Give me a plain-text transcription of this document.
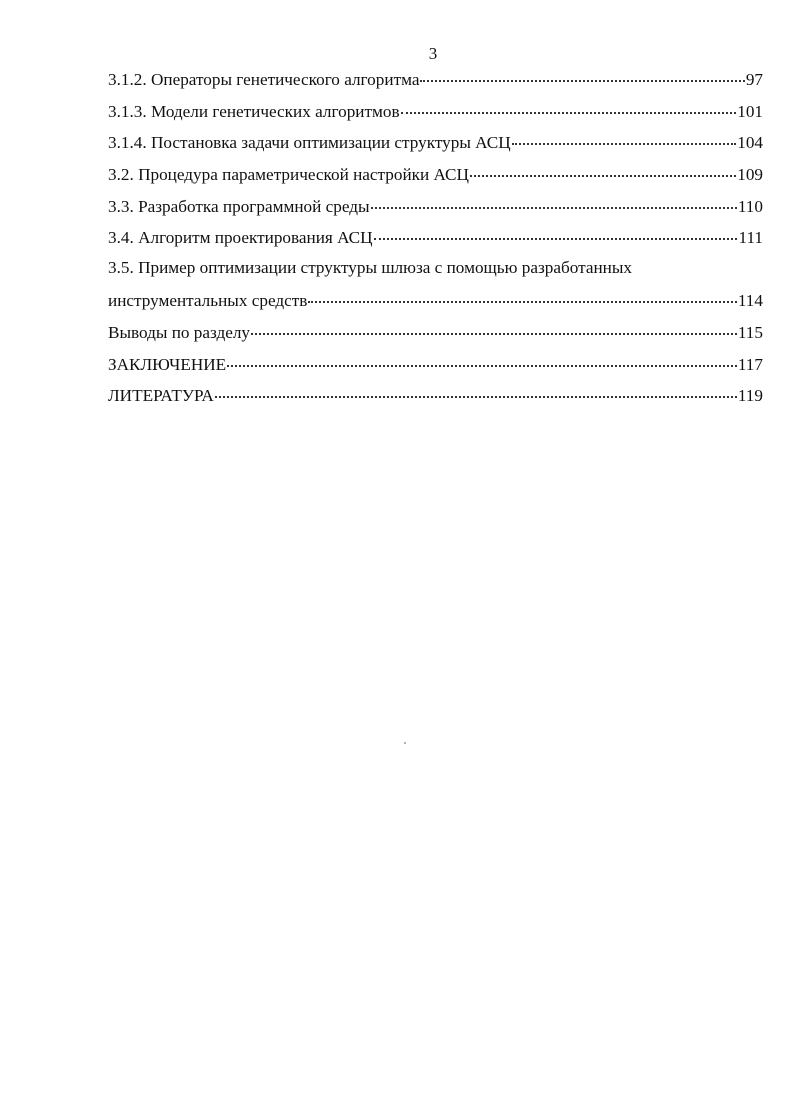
3
3.1.2. Операторы генетического алгоритма	97
3.1.3. Модели генетических алгоритмов	101
3.1.4. Постановка задачи оптимизации структуры АСЦ	104
3.2. Процедура параметрической настройки АСЦ	109
3.3. Разработка программной среды	110
3.4. Алгоритм проектирования АСЦ	111
3.5. Пример оптимизации структуры шлюза с помощью разработанных
инструментальных средств	114
Выводы по разделу	115
ЗАКЛЮЧЕНИЕ	117
ЛИТЕРАТУРА	119
